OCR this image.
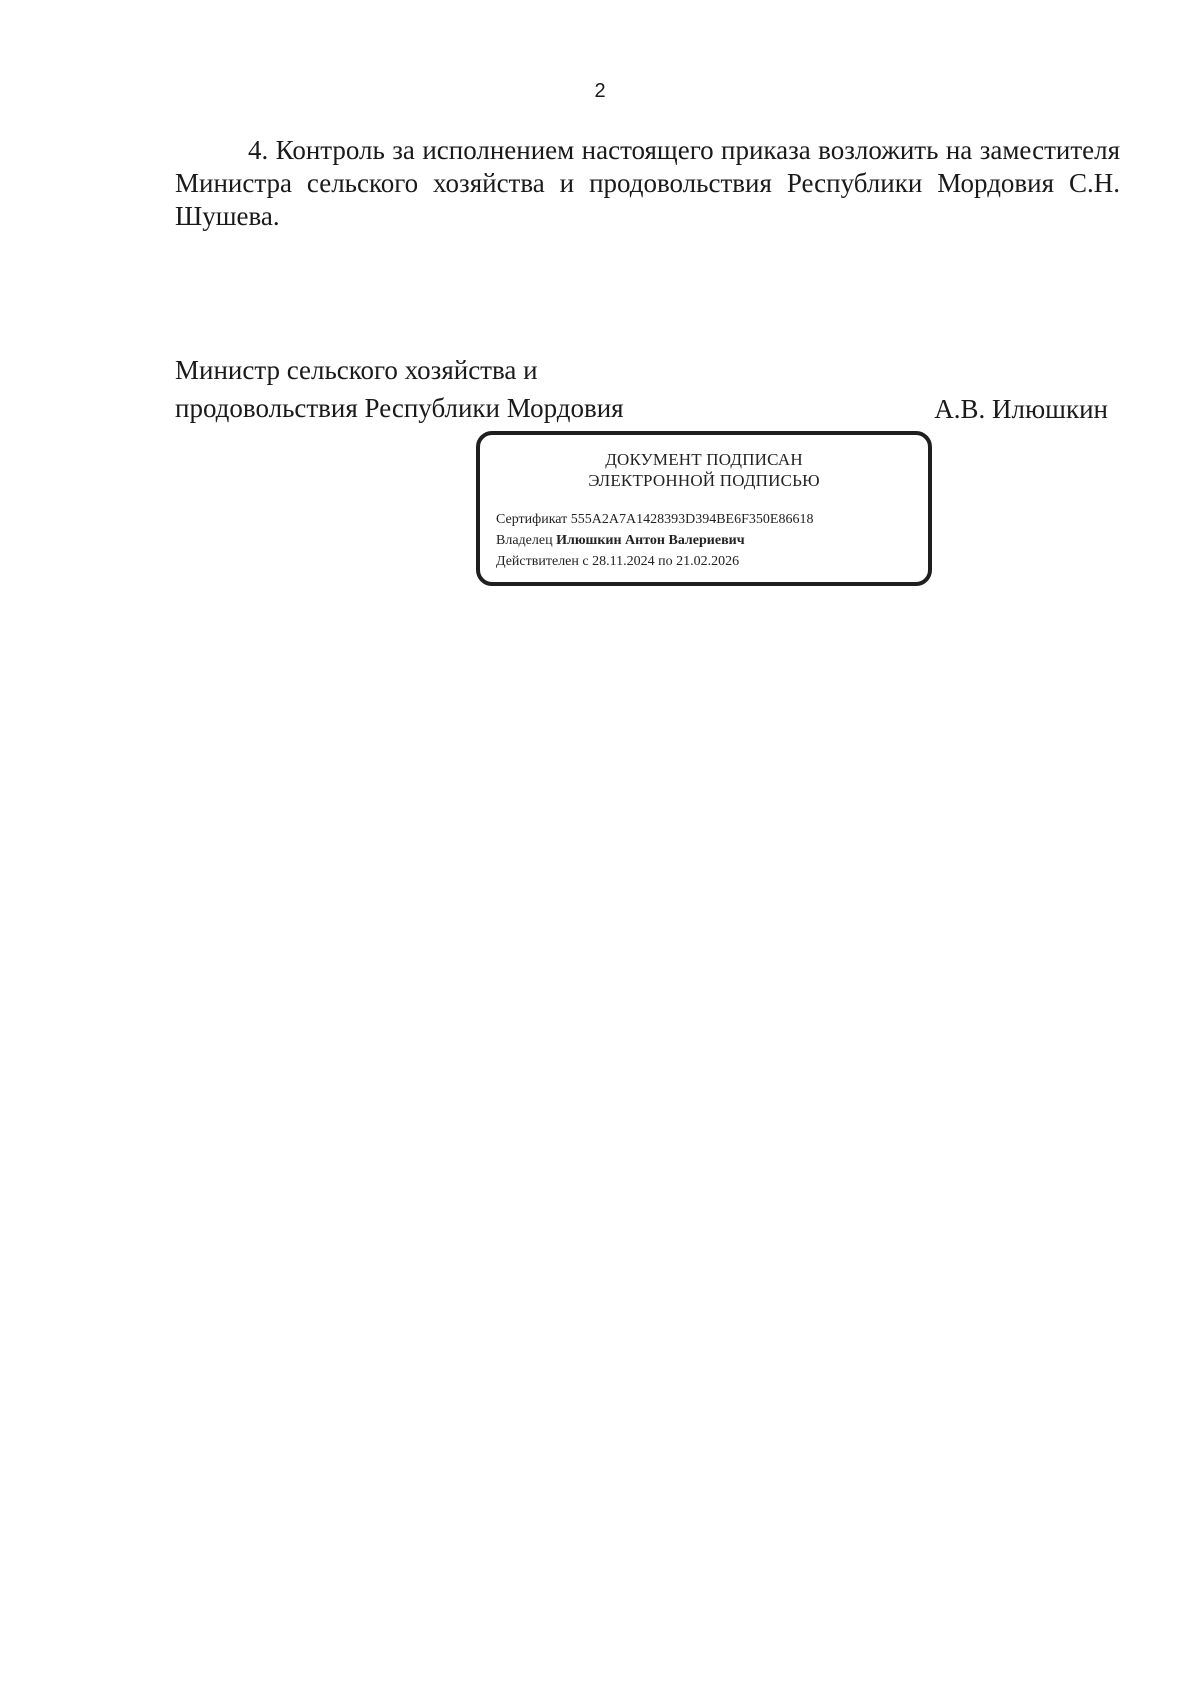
2

4. Контроль за исполнением настоящего приказа возложить на заместителя Министра сельского хозяйства и продовольствия Республики Мордовия С.Н. Шушева.

Министр сельского хозяйства и
продовольствия Республики Мордовия	А.В. Илюшкин
ДОКУМЕНТ ПОДПИСАН
ЭЛЕКТРОННОЙ ПОДПИСЬЮ
Сертификат 555A2A7A1428393D394BE6F350E86618
Владелец Илюшкин Антон Валериевич
Действителен с 28.11.2024 по 21.02.2026
